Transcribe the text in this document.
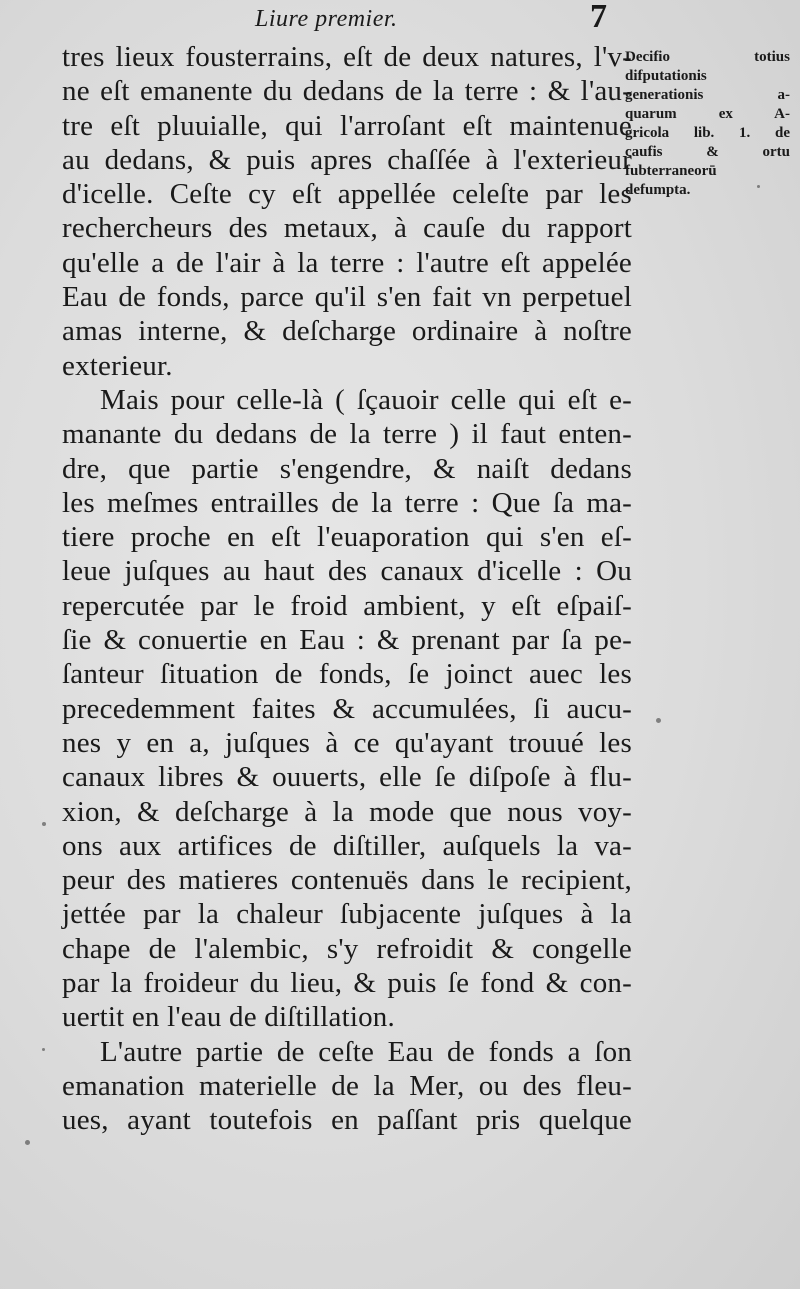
Liure premier.	7
tres lieux fousterrains, eſt de deux natures, l'v-
ne eſt emanente du dedans de la terre : & l'au-
tre eſt pluuialle, qui l'arroſant eſt maintenue
au dedans, & puis apres chaſſée à l'exterieur
d'icelle. Ceſte cy eſt appellée celeſte par les
rechercheurs des metaux, à cauſe du rapport
qu'elle a de l'air à la terre : l'autre eſt appelée
Eau de fonds, parce qu'il s'en fait vn perpetuel
amas interne, & deſcharge ordinaire à noſtre
exterieur.
Mais pour celle-là ( ſçauoir celle qui eſt e-
manante du dedans de la terre ) il faut enten-
dre, que partie s'engendre, & naiſt dedans
les meſmes entrailles de la terre : Que ſa ma-
tiere proche en eſt l'euaporation qui s'en eſ-
leue juſques au haut des canaux d'icelle : Ou
repercutée par le froid ambient, y eſt eſpaiſ-
ſie & conuertie en Eau : & prenant par ſa pe-
ſanteur ſituation de fonds, ſe joinct auec les
precedemment faites & accumulées, ſi aucu-
nes y en a, juſques à ce qu'ayant trouué les
canaux libres & ouuerts, elle ſe diſpoſe à flu-
xion, & deſcharge à la mode que nous voy-
ons aux artifices de diſtiller, auſquels la va-
peur des matieres contenuës dans le recipient,
jettée par la chaleur ſubjacente juſques à la
chape de l'alembic, s'y refroidit & congelle
par la froideur du lieu, & puis ſe fond & con-
uertit en l'eau de diſtillation.
L'autre partie de ceſte Eau de fonds a ſon
emanation materielle de la Mer, ou des fleu-
ues, ayant toutefois en paſſant pris quelque
Decifio totius
difputationis
generationis a-
quarum ex A-
gricola lib. 1. de
caufis & ortu
fubterraneorū
defumpta.
